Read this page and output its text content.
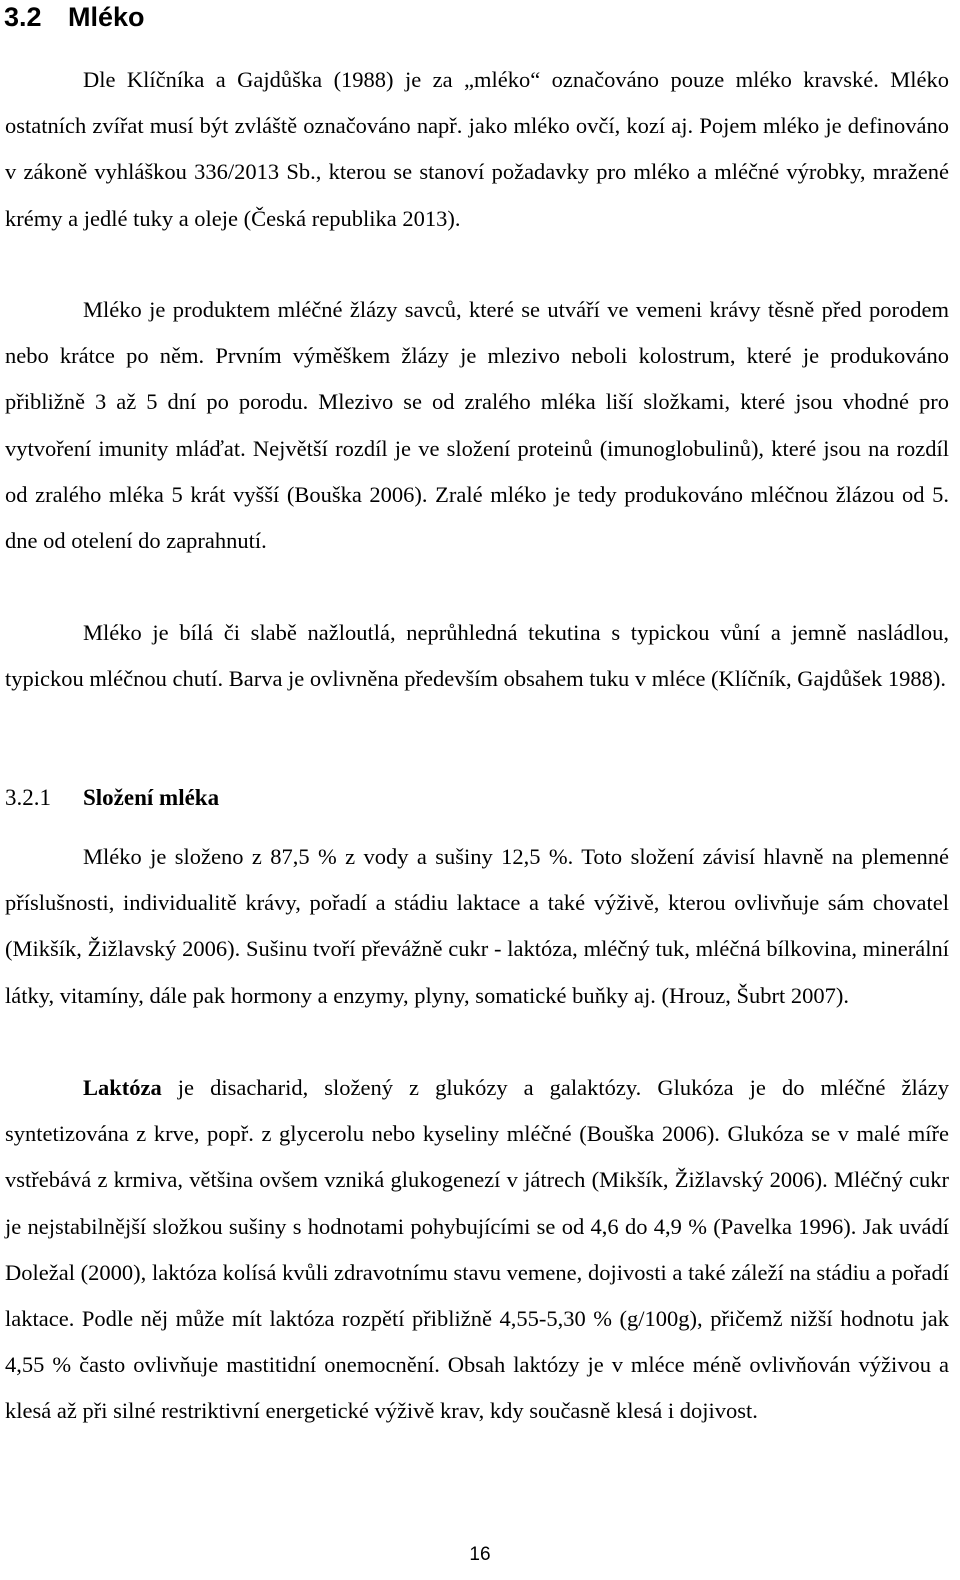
3.2 Mléko

Dle Klíčníka a Gajdůška (1988) je za „mléko“ označováno pouze mléko kravské. Mléko ostatních zvířat musí být zvláště označováno např. jako mléko ovčí, kozí aj. Pojem mléko je definováno v zákoně vyhláškou 336/2013 Sb., kterou se stanoví požadavky pro mléko a mléčné výrobky, mražené krémy a jedlé tuky a oleje (Česká republika 2013).

Mléko je produktem mléčné žlázy savců, které se utváří ve vemeni krávy těsně před porodem nebo krátce po něm. Prvním výměškem žlázy je mlezivo neboli kolostrum, které je produkováno přibližně 3 až 5 dní po porodu. Mlezivo se od zralého mléka liší složkami, které jsou vhodné pro vytvoření imunity mláďat. Největší rozdíl je ve složení proteinů (imunoglobulinů), které jsou na rozdíl od zralého mléka 5 krát vyšší (Bouška 2006). Zralé mléko je tedy produkováno mléčnou žlázou od 5. dne od otelení do zaprahnutí.

Mléko je bílá či slabě nažloutlá, neprůhledná tekutina s typickou vůní a jemně nasládlou, typickou mléčnou chutí. Barva je ovlivněna především obsahem tuku v mléce (Klíčník, Gajdůšek 1988).

3.2.1 Složení mléka

Mléko je složeno z 87,5 % z vody a sušiny 12,5 %. Toto složení závisí hlavně na plemenné příslušnosti, individualitě krávy, pořadí a stádiu laktace a také výživě, kterou ovlivňuje sám chovatel (Mikšík, Žižlavský 2006). Sušinu tvoří převážně cukr - laktóza, mléčný tuk, mléčná bílkovina, minerální látky, vitamíny, dále pak hormony a enzymy, plyny, somatické buňky aj. (Hrouz, Šubrt 2007).

Laktóza je disacharid, složený z glukózy a galaktózy. Glukóza je do mléčné žlázy syntetizována z krve, popř. z glycerolu nebo kyseliny mléčné (Bouška 2006). Glukóza se v malé míře vstřebává z krmiva, většina ovšem vzniká glukogenezí v játrech (Mikšík, Žižlavský 2006). Mléčný cukr je nejstabilnější složkou sušiny s hodnotami pohybujícími se od 4,6 do 4,9 % (Pavelka 1996). Jak uvádí Doležal (2000), laktóza kolísá kvůli zdravotnímu stavu vemene, dojivosti a také záleží na stádiu a pořadí laktace. Podle něj může mít laktóza rozpětí přibližně 4,55-5,30 % (g/100g), přičemž nižší hodnotu jak 4,55 % často ovlivňuje mastitidní onemocnění. Obsah laktózy je v mléce méně ovlivňován výživou a klesá až při silné restriktivní energetické výživě krav, kdy současně klesá i dojivost.

16
